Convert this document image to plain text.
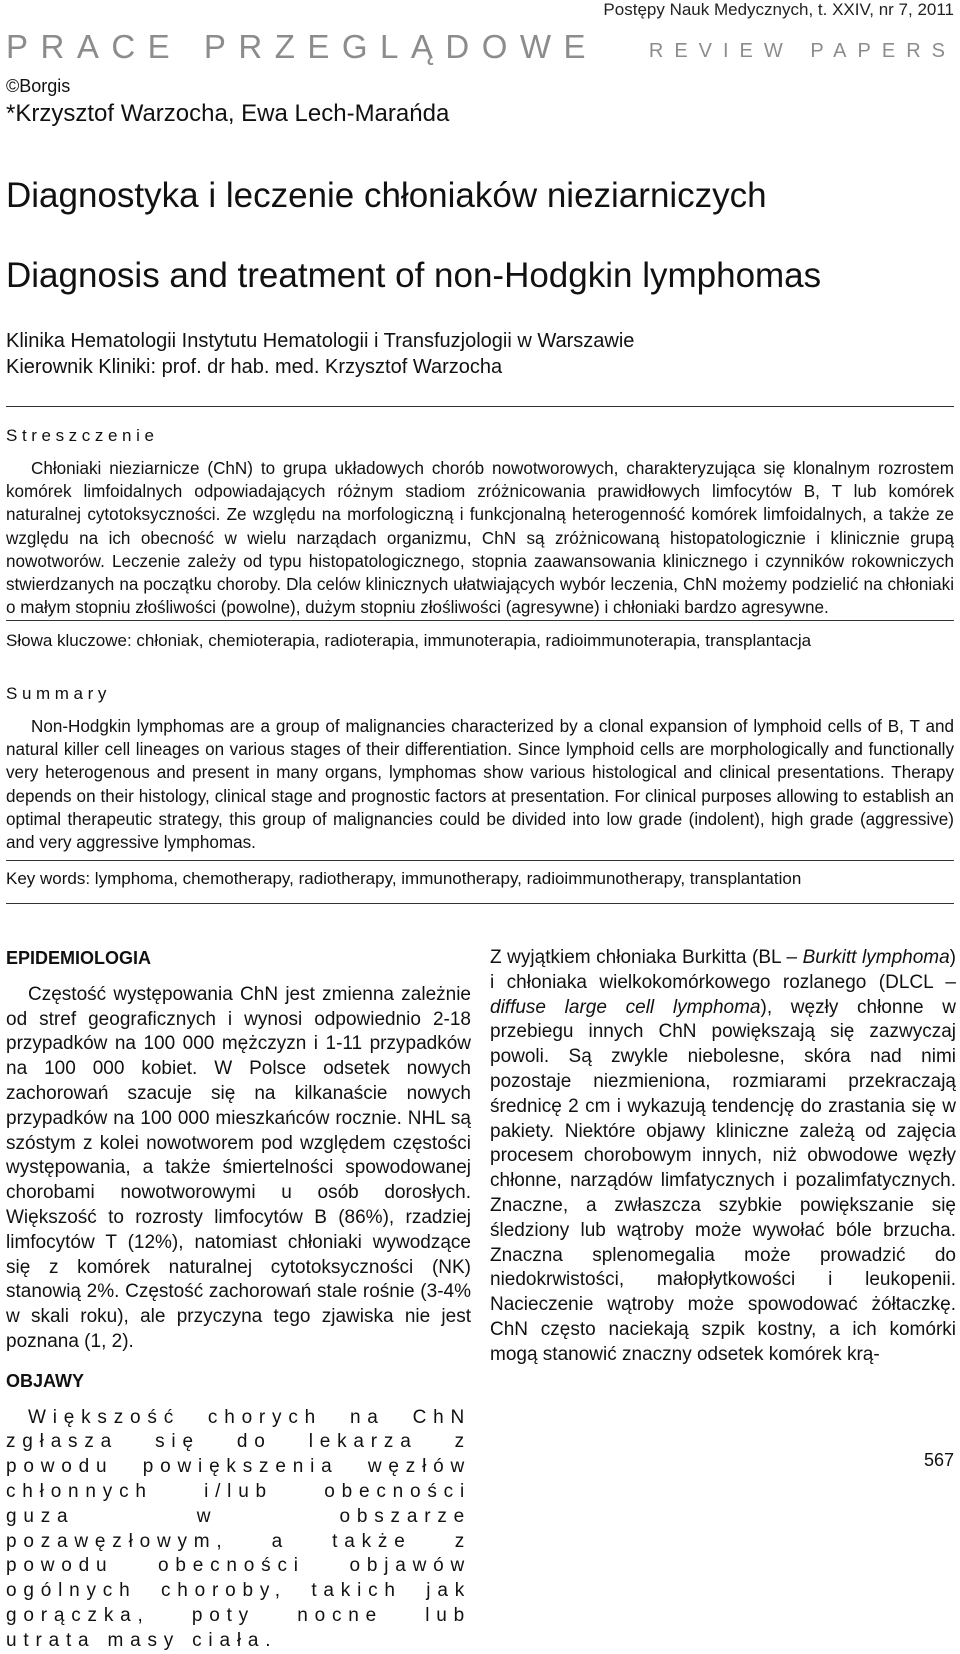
Postępy Nauk Medycznych, t. XXIV, nr 7, 2011
PRACE PRZEGLĄDOWE	REVIEW PAPERS
©Borgis
*Krzysztof Warzocha, Ewa Lech-Marańda
Diagnostyka i leczenie chłoniaków nieziarniczych
Diagnosis and treatment of non-Hodgkin lymphomas
Klinika Hematologii Instytutu Hematologii i Transfuzjologii w Warszawie
Kierownik Kliniki: prof. dr hab. med. Krzysztof Warzocha
Streszczenie
Chłoniaki nieziarnicze (ChN) to grupa układowych chorób nowotworowych, charakteryzująca się klonalnym rozrostem komórek limfoidalnych odpowiadających różnym stadiom zróżnicowania prawidłowych limfocytów B, T lub komórek naturalnej cytotoksyczności. Ze względu na morfologiczną i funkcjonalną heterogenność komórek limfoidalnych, a także ze względu na ich obecność w wielu narządach organizmu, ChN są zróżnicowaną histopatologicznie i klinicznie grupą nowotworów. Leczenie zależy od typu histopatologicznego, stopnia zaawansowania klinicznego i czynników rokowniczych stwierdzanych na początku choroby. Dla celów klinicznych ułatwiających wybór leczenia, ChN możemy podzielić na chłoniaki o małym stopniu złośliwości (powolne), dużym stopniu złośliwości (agresywne) i chłoniaki bardzo agresywne.
Słowa kluczowe: chłoniak, chemioterapia, radioterapia, immunoterapia, radioimmunoterapia, transplantacja
Summary
Non-Hodgkin lymphomas are a group of malignancies characterized by a clonal expansion of lymphoid cells of B, T and natural killer cell lineages on various stages of their differentiation. Since lymphoid cells are morphologically and functionally very heterogenous and present in many organs, lymphomas show various histological and clinical presentations. Therapy depends on their histology, clinical stage and prognostic factors at presentation. For clinical purposes allowing to establish an optimal therapeutic strategy, this group of malignancies could be divided into low grade (indolent), high grade (aggressive) and very aggressive lymphomas.
Key words: lymphoma, chemotherapy, radiotherapy, immunotherapy, radioimmunotherapy, transplantation
EPIDEMIOLOGIA

Częstość występowania ChN jest zmienna zależnie od stref geograficznych i wynosi odpowiednio 2-18 przypadków na 100 000 mężczyzn i 1-11 przypadków na 100 000 kobiet. W Polsce odsetek nowych zachorowań szacuje się na kilkanaście nowych przypadków na 100 000 mieszkańców rocznie. NHL są szóstym z kolei nowotworem pod względem częstości występowania, a także śmiertelności spowodowanej chorobami nowotworowymi u osób dorosłych. Większość to rozrosty limfocytów B (86%), rzadziej limfocytów T (12%), natomiast chłoniaki wywodzące się z komórek naturalnej cytotoksyczności (NK) stanowią 2%. Częstość zachorowań stale rośnie (3-4% w skali roku), ale przyczyna tego zjawiska nie jest poznana (1, 2).

OBJAWY

Większość chorych na ChN zgłasza się do lekarza z powodu powiększenia węzłów chłonnych i/lub obecności guza w obszarze pozawęzłowym, a także z powodu obecności objawów ogólnych choroby, takich jak gorączka, poty nocne lub utrata masy ciała.

Z wyjątkiem chłoniaka Burkitta (BL – Burkitt lymphoma) i chłoniaka wielkokomórkowego rozlanego (DLCL – diffuse large cell lymphoma), węzły chłonne w przebiegu innych ChN powiększają się zazwyczaj powoli. Są zwykle niebolesne, skóra nad nimi pozostaje niezmieniona, rozmiarami przekraczają średnicę 2 cm i wykazują tendencję do zrastania się w pakiety. Niektóre objawy kliniczne zależą od zajęcia procesem chorobowym innych, niż obwodowe węzły chłonne, narządów limfatycznych i pozalimfatycznych. Znaczne, a zwłaszcza szybkie powiększanie się śledziony lub wątroby może wywołać bóle brzucha. Znaczna splenomegalia może prowadzić do niedokrwistości, małopłytkowości i leukopenii. Nacieczenie wątroby może spowodować żółtaczkę. ChN często naciekają szpik kostny, a ich komórki mogą stanowić znaczny odsetek komórek krą-

567
